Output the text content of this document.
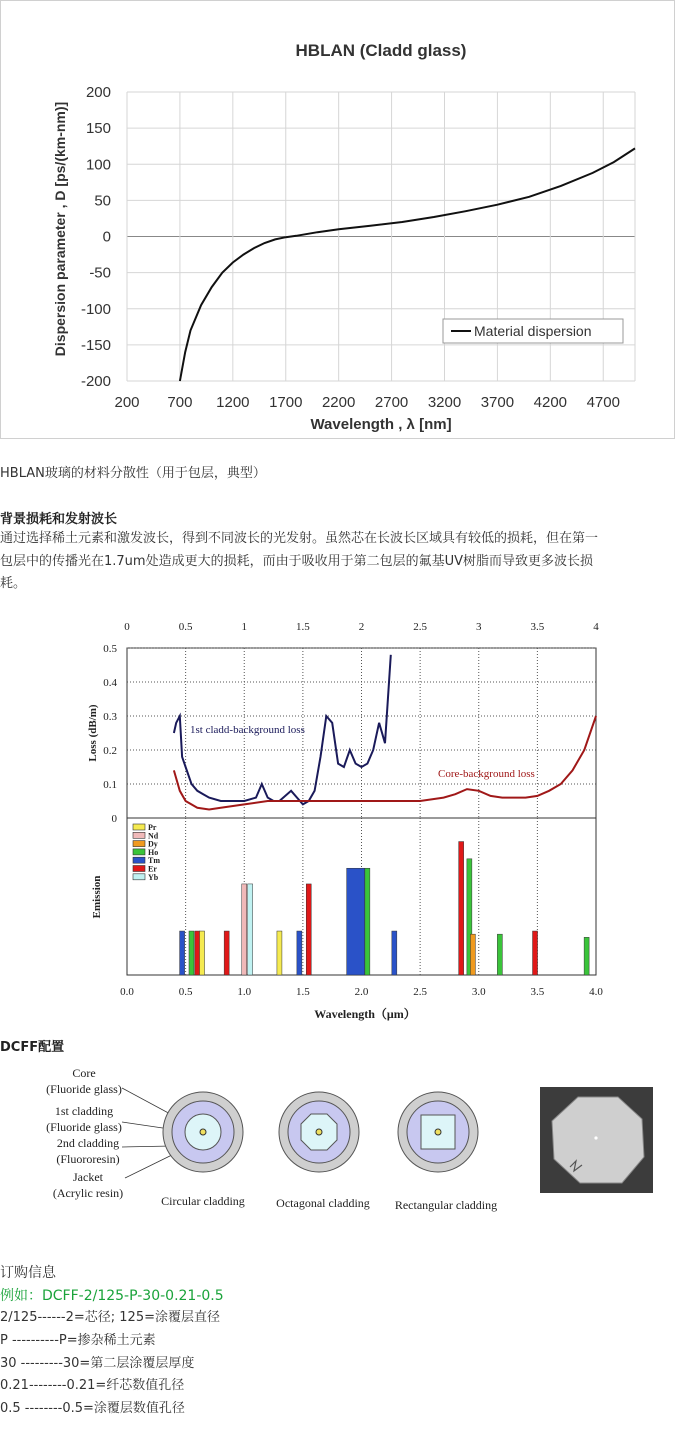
HBLAN (Cladd glass)
200
150
100
50
0
-50
-100
-150
-200
200 700 1200 1700 2200 2700 3200 3700 4200 4700
Wavelength , λ [nm]
Dispersion parameter , D [ps/(km-nm)]	Material dispersion
HBLAN玻璃的材料分散性（用于包层，典型）
背景损耗和发射波长
通过选择稀土元素和激发波长，得到不同波长的光发射。虽然芯在长波长区域具有较低的损耗，但在第一
包层中的传播光在1.7um处造成更大的损耗，而由于吸收用于第二包层的氟基UV树脂而导致更多波长损
耗。
0	0.5	1	1.5	2	2.5	3	3.5	4
0.5
0.4
0.3
0.2
0.1
0
Loss (dB/m)	1st cladd-background loss
Core-background loss
Pr
Nd
Dy
Ho
Tm
Er
Yb
Emission
0.0	0.5	1.0	1.5	2.0	2.5	3.0	3.5	4.0
Wavelength（μm）
DCFF配置
Core
(Fluoride glass)
1st cladding
(Fluoride glass)
2nd cladding
(Fluororesin)
Jacket
(Acrylic resin)
Circular cladding	Octagonal cladding Rectangular cladding
订购信息
例如：DCFF-2/125-P-30-0.21-0.5
2/125------2=芯径; 125=涂覆层直径
P ----------P=掺杂稀土元素
30 ---------30=第二层涂覆层厚度
0.21--------0.21=纤芯数值孔径
0.5 --------0.5=涂覆层数值孔径
